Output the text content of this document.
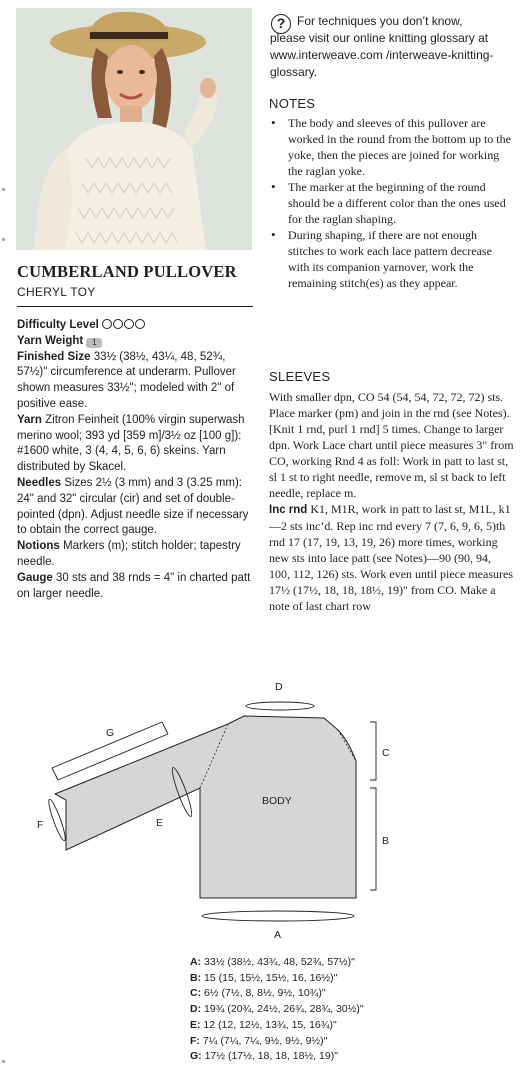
? For techniques you don’t know,
please visit our online knitting glossary at www.interweave.com /interweave-knitting-glossary.
CUMBERLAND PULLOVER
CHERYL TOY

Difficulty Level

Yarn Weight 1

Finished Size 33½ (38½, 43¼, 48, 52¾, 57½)" circumference at underarm. Pullover shown measures 33½"; modeled with 2" of positive ease.

Yarn Zitron Feinheit (100% virgin superwash merino wool; 393 yd [359 m]/3½ oz [100 g]): #1600 white, 3 (4, 4, 5, 6, 6) skeins. Yarn distributed by Skacel.

Needles Sizes 2½ (3 mm) and 3 (3.25 mm): 24" and 32" circular (cir) and set of double-pointed (dpn). Adjust needle size if necessary to obtain the correct gauge.

Notions Markers (m); stitch holder; tapestry needle.

Gauge 30 sts and 38 rnds = 4" in charted patt on larger needle.

NOTES
• The body and sleeves of this pullover are worked in the round from the bottom up to the yoke, then the pieces are joined for working the raglan yoke.
• The marker at the beginning of the round should be a different color than the ones used for the raglan shaping.
• During shaping, if there are not enough stitches to work each lace pattern decrease with its companion yarnover, work the remaining stitch(es) as they appear.
SLEEVES

With smaller dpn, CO 54 (54, 54, 72, 72, 72) sts. Place marker (pm) and join in the rnd (see Notes). [Knit 1 rnd, purl 1 rnd] 5 times. Change to larger dpn. Work Lace chart until piece measures 3" from CO, working Rnd 4 as foll: Work in patt to last st, sl 1 st to right needle, remove m, sl st back to left needle, replace m.

Inc rnd K1, M1R, work in patt to last st, M1L, k1—2 sts inc’d. Rep inc rnd every 7 (7, 6, 9, 6, 5)th rnd 17 (17, 19, 13, 19, 26) more times, working new sts into lace patt (see Notes)—90 (90, 94, 100, 112, 126) sts. Work even until piece measures 17½ (17½, 18, 18, 18½, 19)" from CO. Make a note of last chart row

BODY
G
D
C
B
A
E
F
A: 33½ (38½, 43¾, 48, 52¾, 57½)"
B: 15 (15, 15½, 15½, 16, 16½)"
C: 6½ (7½, 8, 8½, 9½, 10¾)"
D: 19¾ (20¾, 24½, 26¾, 28¾, 30½)"
E: 12 (12, 12½, 13¾, 15, 16¾)"
F: 7¼ (7¼, 7¼, 9½, 9½, 9½)"
G: 17½ (17½, 18, 18, 18½, 19)"
